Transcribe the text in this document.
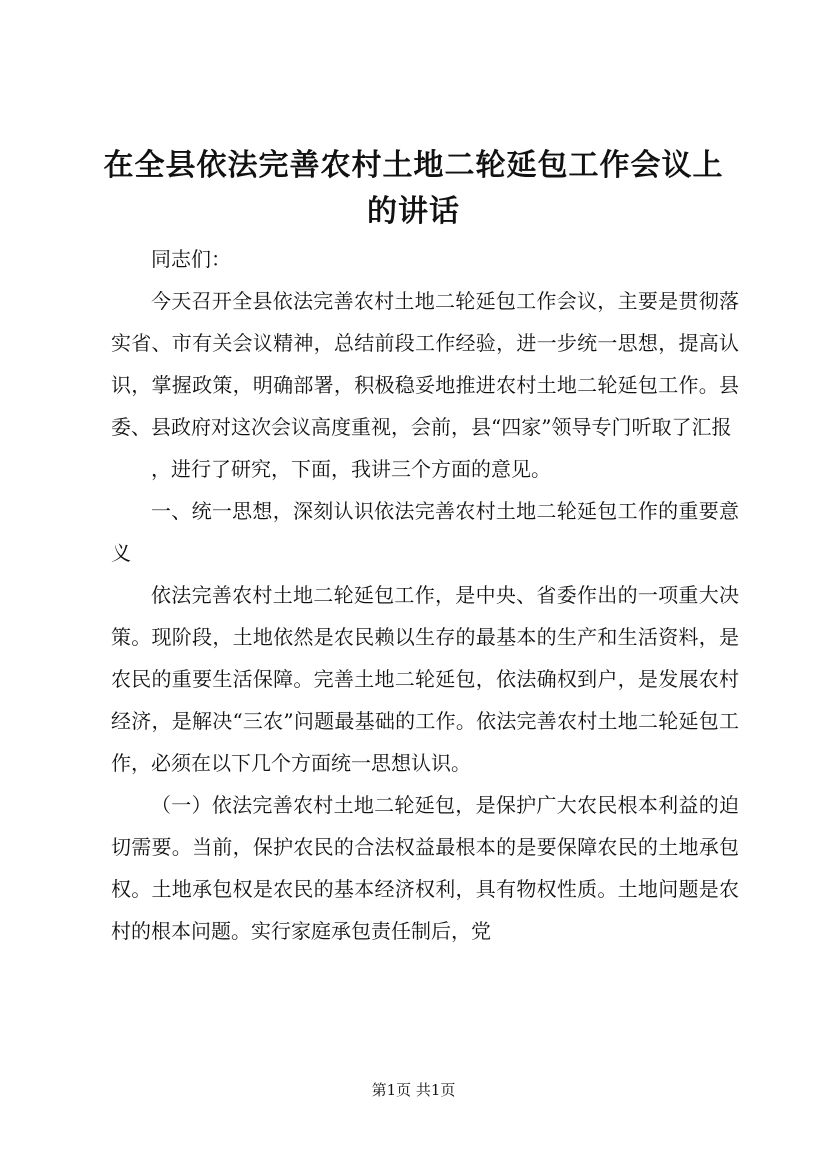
在全县依法完善农村土地二轮延包工作会议上
的讲话

同志们：

今天召开全县依法完善农村土地二轮延包工作会议，主要是贯彻落实省、市有关会议精神，总结前段工作经验，进一步统一思想，提高认识，掌握政策，明确部署，积极稳妥地推进农村土地二轮延包工作。县委、县政府对这次会议高度重视，会前，县“四家”领导专门听取了汇报

，进行了研究，下面，我讲三个方面的意见。

一、统一思想，深刻认识依法完善农村土地二轮延包工作的重要意义

依法完善农村土地二轮延包工作，是中央、省委作出的一项重大决策。现阶段，土地依然是农民赖以生存的最基本的生产和生活资料，是农民的重要生活保障。完善土地二轮延包，依法确权到户，是发展农村经济，是解决“三农”问题最基础的工作。依法完善农村土地二轮延包工作，必须在以下几个方面统一思想认识。

（一）依法完善农村土地二轮延包，是保护广大农民根本利益的迫切需要。当前，保护农民的合法权益最根本的是要保障农民的土地承包权。土地承包权是农民的基本经济权利，具有物权性质。土地问题是农村的根本问题。实行家庭承包责任制后，党

第1页 共1页
